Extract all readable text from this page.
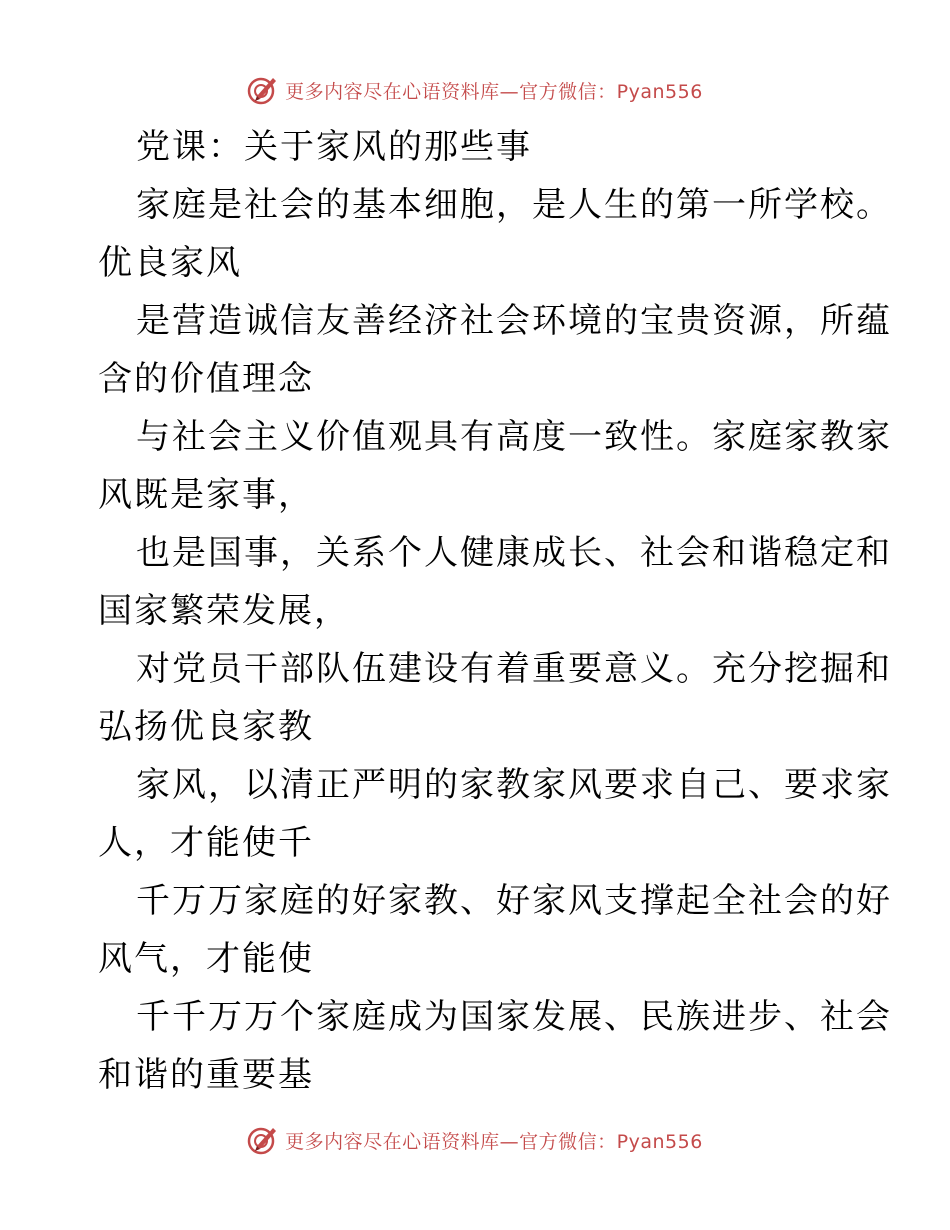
更多内容尽在心语资料库—官方微信：Pyan556
党课：关于家风的那些事
家庭是社会的基本细胞，是人生的第一所学校。
优良家风
是营造诚信友善经济社会环境的宝贵资源，所蕴
含的价值理念
与社会主义价值观具有高度一致性。家庭家教家
风既是家事，
也是国事，关系个人健康成长、社会和谐稳定和
国家繁荣发展，
对党员干部队伍建设有着重要意义。充分挖掘和
弘扬优良家教
家风，以清正严明的家教家风要求自己、要求家
人，才能使千
千万万家庭的好家教、好家风支撑起全社会的好
风气，才能使
千千万万个家庭成为国家发展、民族进步、社会
和谐的重要基
更多内容尽在心语资料库—官方微信：Pyan556
